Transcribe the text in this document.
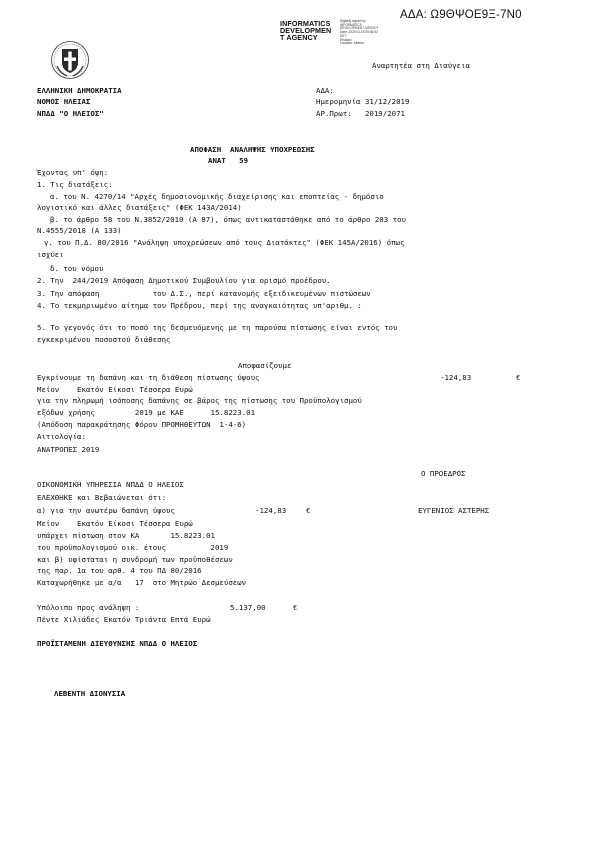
ΑΔΑ: Ω9ΘΨΟΕ9Ξ-7Ν0
INFORMATICS
DEVELOPMEN
T AGENCY
Digitally signed by
INFORMATICS
DEVELOPMENT AGENCY
Date: 2020.01.15 09:36:52
EET
Reason:
Location: Athens
Αναρτητέα στη Διαύγεια
ΕΛΛΗΝΙΚΗ ΔΗΜΟΚΡΑΤΙΑ
ΝΟΜΟΣ ΗΛΕΙΑΣ
ΝΠΔΔ "Ο ΗΛΕΙΟΣ"
ΑΔΑ:
Ημερομηνία 31/12/2019
ΑΡ.Πρωτ:   2019/2071
ΑΠΟΦΑΣΗ  ΑΝΑΛΗΨΗΣ ΥΠΟΧΡΕΩΣΗΣ
ΑΝΑΤ   59
Έχοντας υπ' όψη:
1. Τις διατάξεις:
α. του Ν. 4270/14 "Αρχές δημοσιονομικής διαχείρισης και εποπτείας - δημόσιο
λογιστικό και άλλες διατάξεις" (ΦΕΚ 143Α/2014)
β. το άρθρο 58 του Ν.3852/2010 (Α 87), όπως αντικαταστάθηκε από το άρθρο 203 του
Ν.4555/2018 (Α 133)
γ. του Π.Δ. 80/2016 "Ανάληψη υποχρεώσεων από τους Διατάκτες" (ΦΕΚ 145Α/2016) όπως
ισχύει
δ. του νόμου
2. Την  244/2019 Απόφαση Δημοτικού Συμβουλίου για ορισμό προέδρου.
3. Την απόφαση            του Δ.Σ., περί κατανομής εξειδικευμένων πιστώσεων
4. Το τεκμηριωμένο αίτημα του Πρέδρου, περί της αναγκαιότητας υπ'αριθμ. :
5. Το γεγονός ότι το ποσό της δεσμευόμενης με τη παρούσα πίστωσης είναι εντός του
εγκεκριμένου ποσοστού διάθεσης
Αποφασίζουμε
Εγκρίνουμε τη δαπάνη και τη διάθεση πίστωσης ύψους	-124,83	€
Μείον    Εκατόν Είκοσι Τέσσερα Ευρώ
για την πληρωμή ισόποσης δαπάνης σε βάρος της πίστωσης του Προϋπολογισμού
εξόδων χρήσης         2019 με ΚΑΕ      15.8223.01
(Απόδοση παρακράτησης Φόρου ΠΡΟΜΗΘΕΥΤΩΝ  1-4-6)
Αιτιολογία:
ΑΝΑΤΡΟΠΕΣ 2019
Ο ΠΡΟΕΔΡΟΣ
ΟΙΚΟΝΟΜΙΚΗ ΥΠΗΡΕΣΙΑ ΝΠΔΔ Ο ΗΛΕΙΟΣ
ΕΛΕΧΘΗΚΕ και Βεβαιώνεται ότι:
α) για την ανωτέρω δαπάνη ύψους	-124,83	€	ΕΥΓΕΝΙΟΣ ΑΣΤΕΡΗΣ
Μείον    Εκατόν Είκοσι Τέσσερα Ευρώ
υπάρχει πίστωση στον ΚΑ       15.8223.01
του προϋπολογισμού οικ. έτους          2019
και β) υφίσταται η συνδρομή των προϋποθέσεων
της παρ. 1α του αρθ. 4 του ΠΔ 80/2016
Καταχωρήθηκε με α/α   17  στο Μητρώο Δεσμεύσεων
Υπόλοιπο προς ανάληψη :	5.137,00	€
Πέντε Χιλιάδες Εκατόν Τριάντα Επτά Ευρώ
ΠΡΟΪΣΤΑΜΕΝΗ ΔΙΕΥΘΥΝΣΗΣ ΝΠΔΔ Ο ΗΛΕΙΟΣ
ΛΕΒΕΝΤΗ ΔΙΟΝΥΣΙΑ
